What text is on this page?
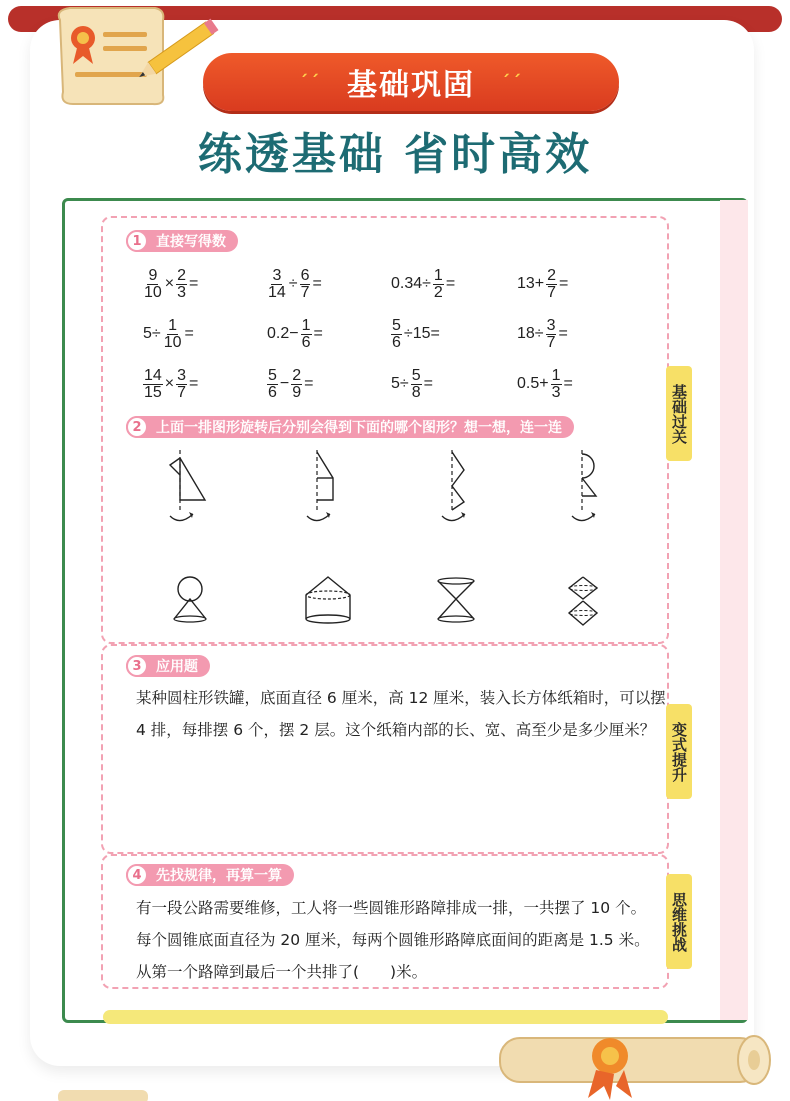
ˊˊ 基础巩固 ˊˊ
练透基础 省时高效
基础过关
变式提升
思维挑战
1	直接写得数
$\frac{9}{10} \times \frac{2}{3}$ =	$\frac{3}{14} \div \frac{6}{7}$ =	$0.34\div \frac{1}{2}$ =	$13+ \frac{2}{7}$ =
$5\div \frac{1}{10}$ =	$0.2- \frac{1}{6}$ =	$\frac{5}{6} \div 15=$	$18\div \frac{3}{7}$ =
$\frac{14}{15} \times \frac{3}{7}$ =	$\frac{5}{6} - \frac{2}{9}$ =	$5\div \frac{5}{8}$ =	$0.5+ \frac{1}{3}$ =
2	上面一排图形旋转后分别会得到下面的哪个图形？想一想，连一连
3	应用题
某种圆柱形铁罐，底面直径 6 厘米，高 12 厘米，装入长方体纸箱时，可以摆
4 排，每排摆 6 个，摆 2 层。这个纸箱内部的长、宽、高至少是多少厘米？
4	先找规律，再算一算
有一段公路需要维修，工人将一些圆锥形路障排成一排，一共摆了 10 个。
每个圆锥底面直径为 20 厘米，每两个圆锥形路障底面间的距离是 1.5 米。
从第一个路障到最后一个共排了(　　)米。
